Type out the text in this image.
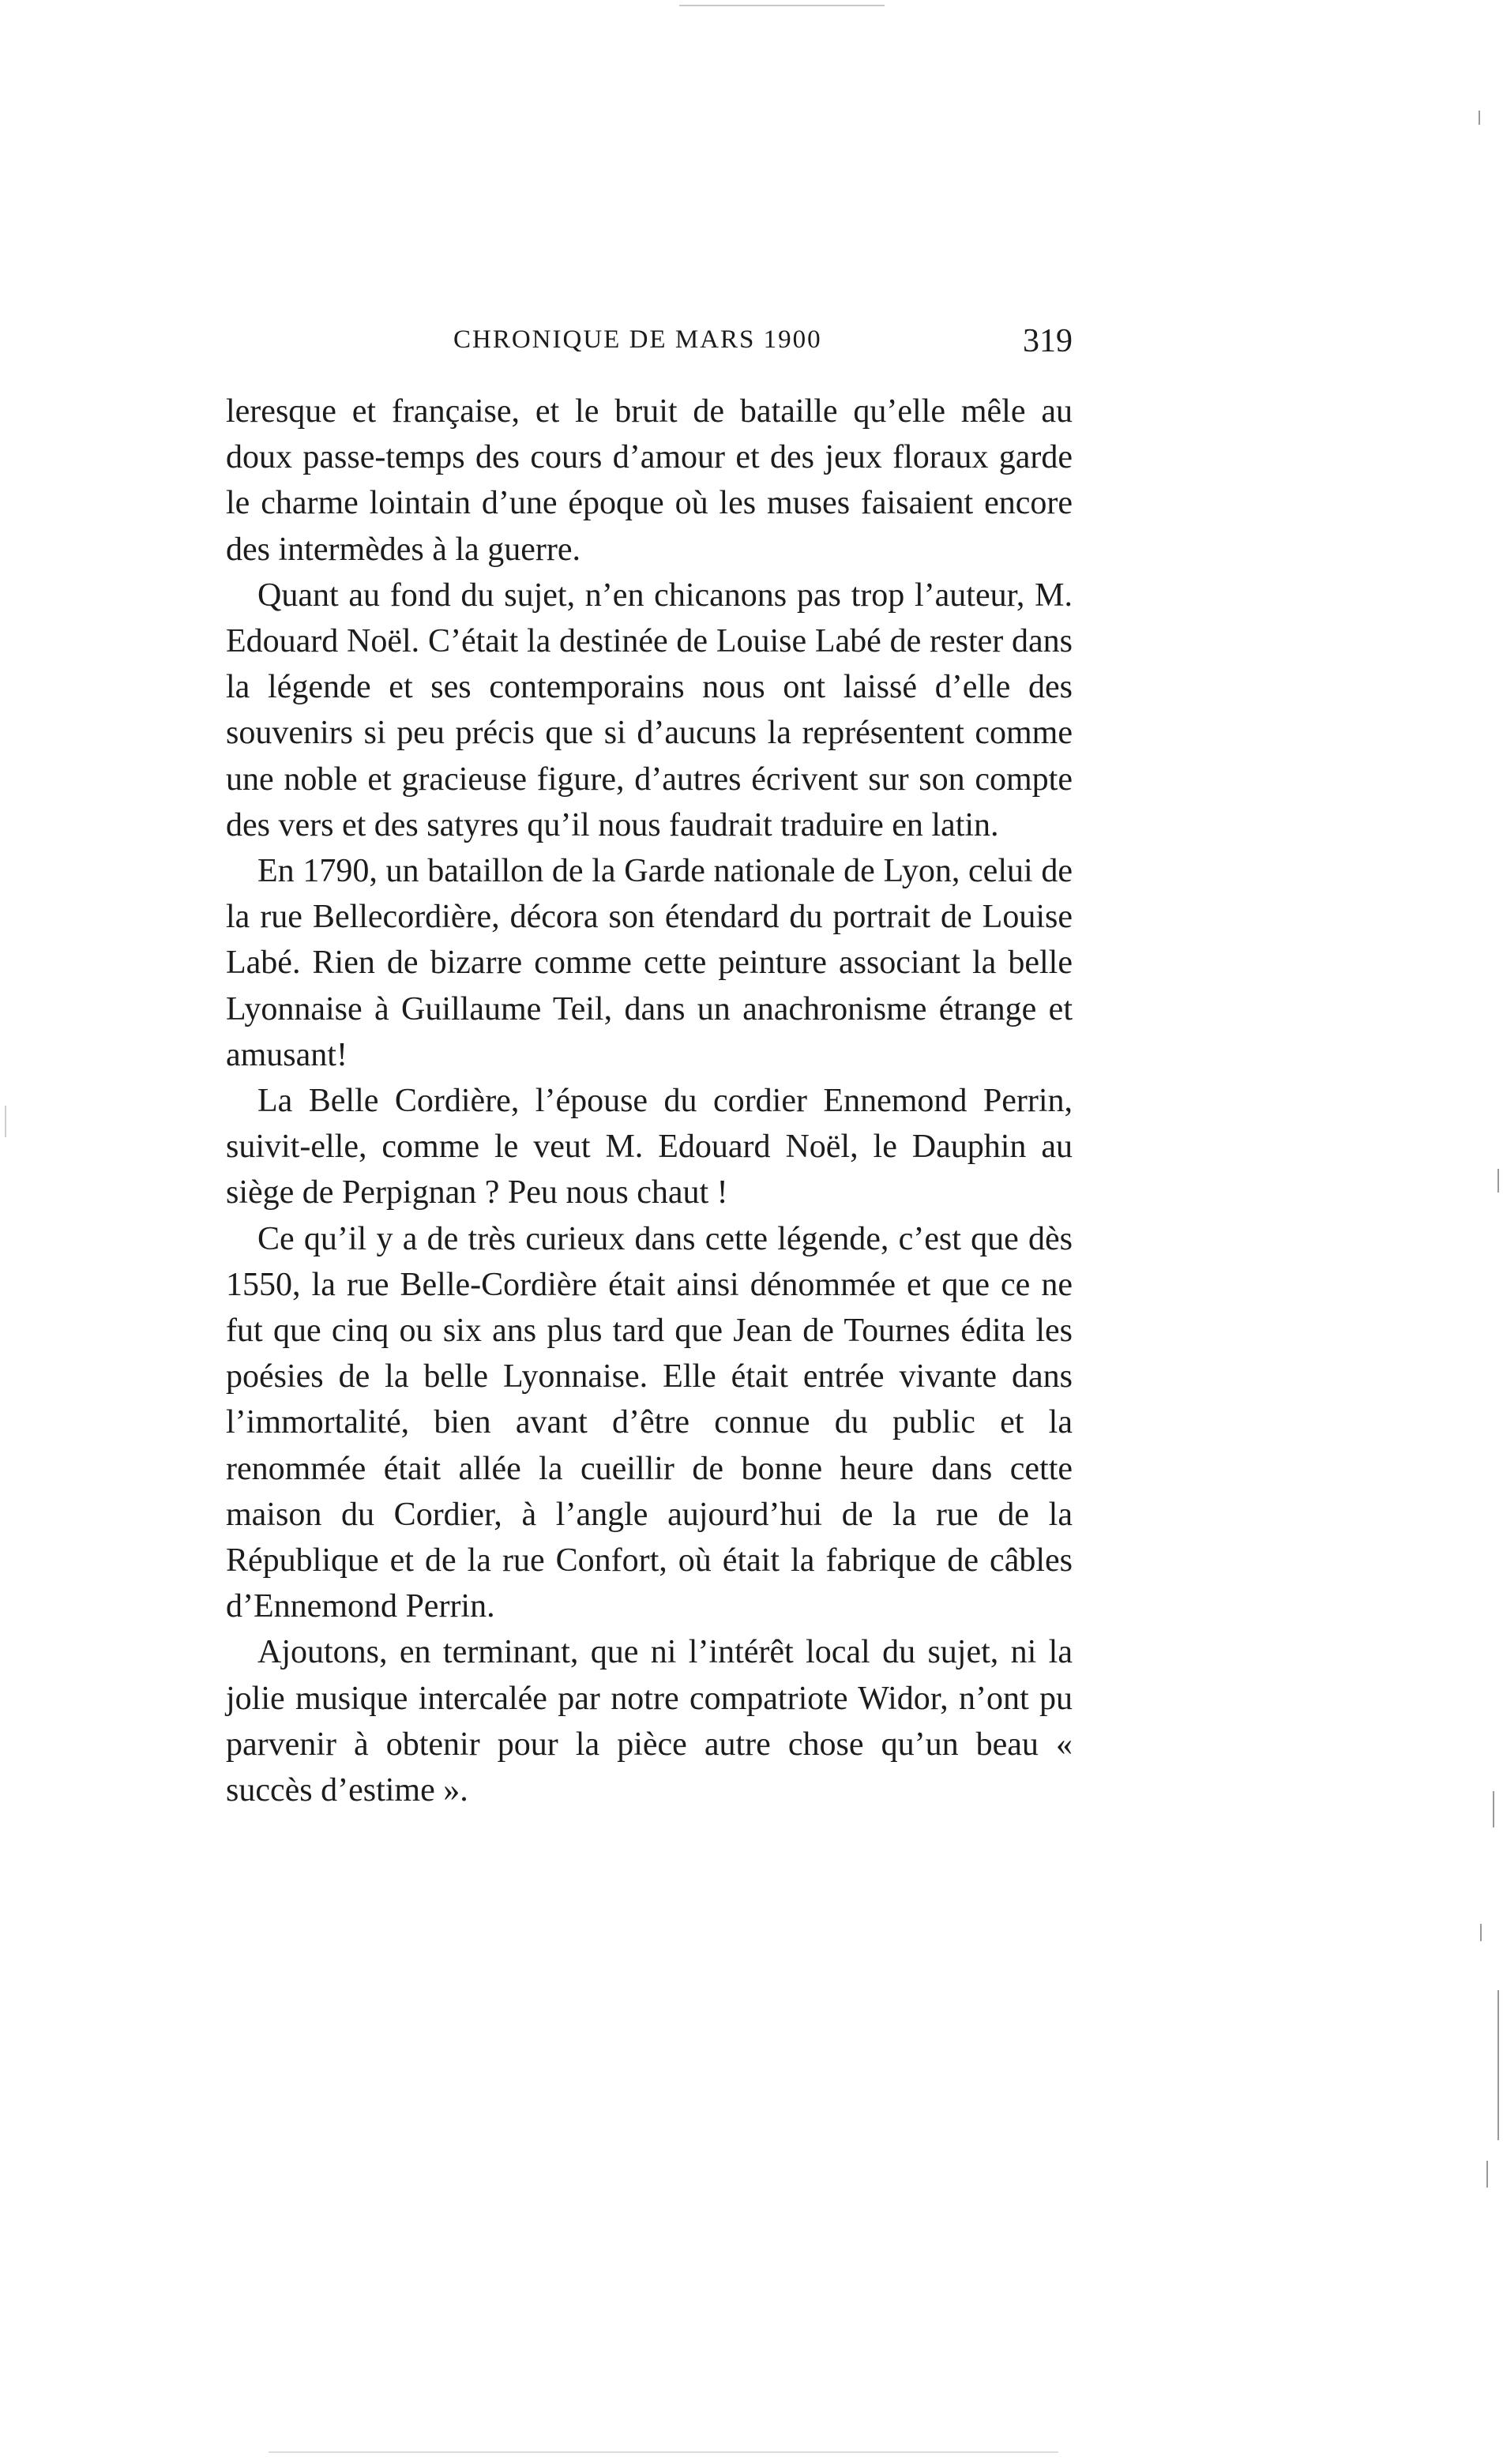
CHRONIQUE DE MARS 1900	319

leresque et française, et le bruit de bataille qu’elle mêle au doux passe-temps des cours d’amour et des jeux floraux garde le charme lointain d’une époque où les muses faisaient encore des intermèdes à la guerre.

Quant au fond du sujet, n’en chicanons pas trop l’auteur, M. Edouard Noël. C’était la destinée de Louise Labé de rester dans la légende et ses contemporains nous ont laissé d’elle des souvenirs si peu précis que si d’aucuns la représentent comme une noble et gracieuse figure, d’autres écrivent sur son compte des vers et des satyres qu’il nous faudrait traduire en latin.

En 1790, un bataillon de la Garde nationale de Lyon, celui de la rue Bellecordière, décora son étendard du portrait de Louise Labé. Rien de bizarre comme cette peinture associant la belle Lyonnaise à Guillaume Teil, dans un anachronisme étrange et amusant!

La Belle Cordière, l’épouse du cordier Ennemond Perrin, suivit-elle, comme le veut M. Edouard Noël, le Dauphin au siège de Perpignan ? Peu nous chaut !

Ce qu’il y a de très curieux dans cette légende, c’est que dès 1550, la rue Belle-Cordière était ainsi dénommée et que ce ne fut que cinq ou six ans plus tard que Jean de Tournes édita les poésies de la belle Lyonnaise. Elle était entrée vivante dans l’immortalité, bien avant d’être connue du public et la renommée était allée la cueillir de bonne heure dans cette maison du Cordier, à l’angle aujourd’hui de la rue de la République et de la rue Confort, où était la fabrique de câbles d’Ennemond Perrin.

Ajoutons, en terminant, que ni l’intérêt local du sujet, ni la jolie musique intercalée par notre compatriote Widor, n’ont pu parvenir à obtenir pour la pièce autre chose qu’un beau « succès d’estime ».
